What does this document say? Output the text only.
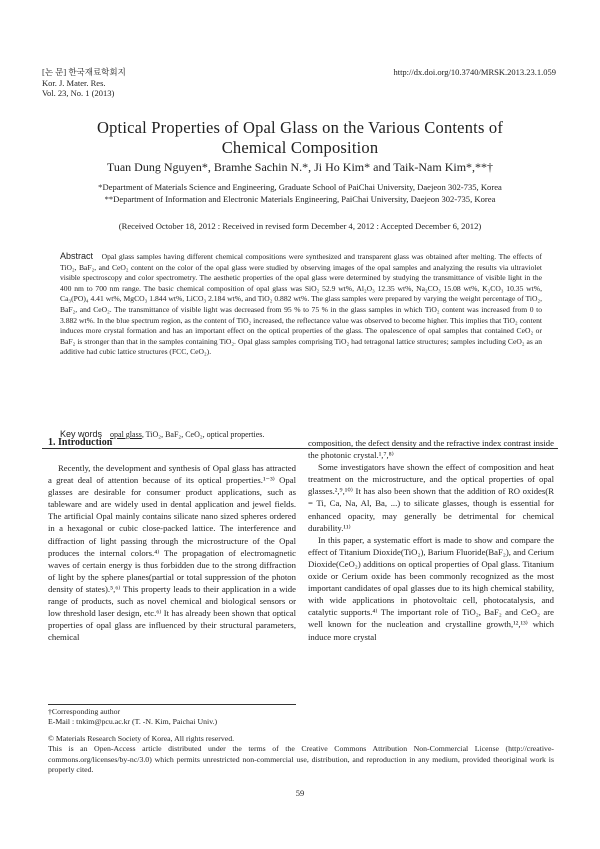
[논 문] 한국재료학회지
Kor. J. Mater. Res.
Vol. 23, No. 1 (2013)
http://dx.doi.org/10.3740/MRSK.2013.23.1.059
Optical Properties of Opal Glass on the Various Contents of
Chemical Composition
Tuan Dung Nguyen*, Bramhe Sachin N.*, Ji Ho Kim* and Taik-Nam Kim*,**†
*Department of Materials Science and Engineering, Graduate School of PaiChai University, Daejeon 302-735, Korea
**Department of Information and Electronic Materials Engineering, PaiChai University, Daejeon 302-735, Korea
(Received October 18, 2012 : Received in revised form December 4, 2012 : Accepted December 6, 2012)
Abstract Opal glass samples having different chemical compositions were synthesized and transparent glass was obtained after melting. The effects of TiO₂, BaF₂, and CeO₂ content on the color of the opal glass were studied by observing images of the opal samples and analyzing the results via ultraviolet visible spectroscopy and color spectrometry. The aesthetic properties of the opal glass were determined by studying the transmittance of visible light in the 400 nm to 700 nm range. The basic chemical composition of opal glass was SiO₂ 52.9 wt%, Al₂O₃ 12.35 wt%, Na₂CO₃ 15.08 wt%, K₂CO₃ 10.35 wt%, Ca₃(PO)₄ 4.41 wt%, MgCO₃ 1.844 wt%, LiCO₃ 2.184 wt%, and TiO₂ 0.882 wt%. The glass samples were prepared by varying the weight percentage of TiO₂, BaF₂, and CeO₂. The transmittance of visible light was decreased from 95 % to 75 % in the glass samples in which TiO₂ content was increased from 0 to 3.882 wt%. In the blue spectrum region, as the content of TiO₂ increased, the reflectance value was observed to become higher. This implies that TiO₂ content induces more crystal formation and has an important effect on the optical properties of the glass. The opalescence of opal samples that contained CeO₂ or BaF₂ is stronger than that in the samples containing TiO₂. Opal glass samples comprising TiO₂ had tetragonal lattice structures; samples including CeO₂ as an additive had cubic lattice structures (FCC, CeO₂).
Key words opal glass, TiO₂, BaF₂, CeO₂, optical properties.
1. Introduction

Recently, the development and synthesis of Opal glass has attracted a great deal of attention because of its optical properties.¹⁻³⁾ Opal glasses are desirable for consumer product applications, such as tableware and are widely used in dental application and jewel fields. The artificial Opal mainly contains silicate nano sized spheres ordered in a hexagonal or cubic close-packed lattice. The interference and diffraction of light passing through the microstructure of the Opal produces the internal colors.⁴⁾ The propagation of electromagnetic waves of certain energy is thus forbidden due to the strong diffraction of light by the sphere planes(partial or total suppression of the photon density of states).⁵,⁶⁾ This property leads to their application in a wide range of products, such as novel chemical and biological sensors or low threshold laser design, etc.⁶⁾ It has already been shown that optical properties of opal glass are influenced by their structural parameters, chemical

composition, the defect density and the refractive index contrast inside the photonic crystal.¹,⁷,⁸⁾

Some investigators have shown the effect of composition and heat treatment on the microstructure, and the optical properties of opal glasses.²,⁹,¹⁰⁾ It has also been shown that the addition of RO oxides(R = Ti, Ca, Na, Al, Ba, ...) to silicate glasses, though is essential for enhanced opacity, may generally be detrimental for chemical durability.¹¹⁾

In this paper, a systematic effort is made to show and compare the effect of Titanium Dioxide(TiO₂), Barium Fluoride(BaF₂), and Cerium Dioxide(CeO₂) additions on optical properties of Opal glass. Titanium oxide or Cerium oxide has been commonly recognized as the most important candidates of opal glasses due to its high chemical stability, with wide applications in photovoltaic cell, photocatalysis, and catalytic supports.⁴⁾ The important role of TiO₂, BaF₂ and CeO₂ are well known for the nucleation and crystalline growth,¹²,¹³⁾ which induce more crystal

†Corresponding author
E-Mail : tnkim@pcu.ac.kr (T. -N. Kim, Paichai Univ.)
© Materials Research Society of Korea, All rights reserved.
This is an Open-Access article distributed under the terms of the Creative Commons Attribution Non-Commercial License (http://creative-commons.org/licenses/by-nc/3.0) which permits unrestricted non-commercial use, distribution, and reproduction in any medium, provided theoriginal work is properly cited.
59
